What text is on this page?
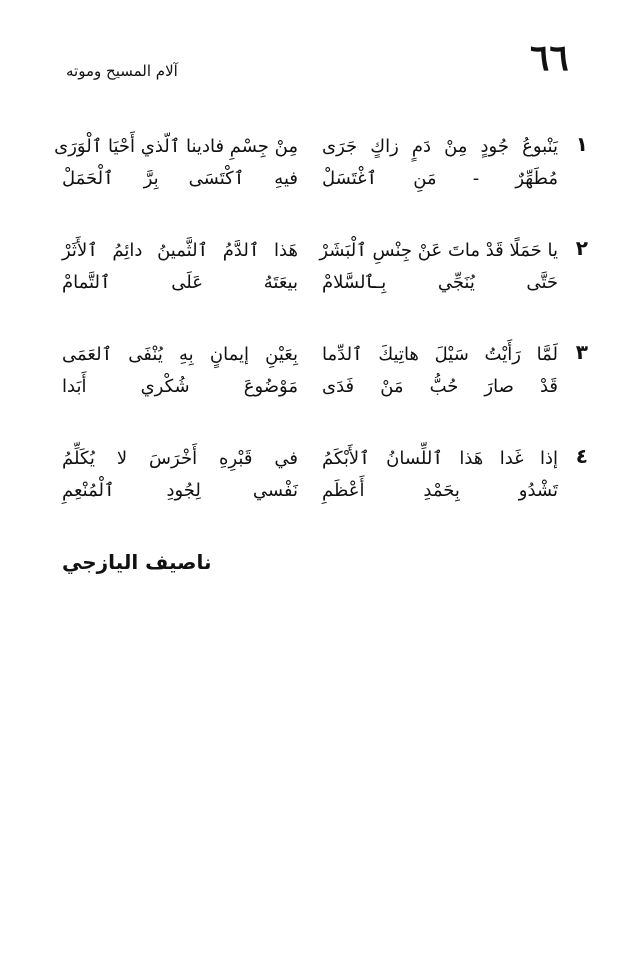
٦٦
آلام المسيح وموته
١
يَنْبوعُ جُودٍ مِنْ دَمٍ زاكٍ جَرَى
مِنْ جِسْمِ فادينا ٱلّذي أَحْيَا ٱلْوَرَى
مُطَهِّرٌ - مَنِ ٱغْتَسَلْ
فيهِ ٱكْتَسَى بِرَّ ٱلْحَمَلْ
٢
يا حَمَلًا قَدْ ماتَ عَنْ جِنْسِ ٱلْبَشَرْ
هَذا ٱلدَّمُ ٱلثَّمينُ دائِمُ ٱلأَثَرْ
حَتَّى يُنَجِّي بِـٱلسَّلامْ
بيعَتَهُ عَلَى ٱلتَّمامْ
٣
لَمَّا رَأَيْتُ سَيْلَ هاتِيكَ ٱلدِّما
بِعَيْنِ إيمانٍ بِهِ يُنْفَى ٱلعَمَى
قَدْ صارَ حُبُّ مَنْ فَدَى
مَوْضُوعَ شُكْري أَبَدا
٤
إذا غَدا هَذا ٱللِّسانُ ٱلأَبْكَمُ
في قَبْرِهِ أَخْرَسَ لا يُكَلِّمُ
تَشْدُو بِحَمْدِ أَعْظَمِ
نَفْسي لِجُودِ ٱلْمُنْعِمِ
ناصيف اليازجي
